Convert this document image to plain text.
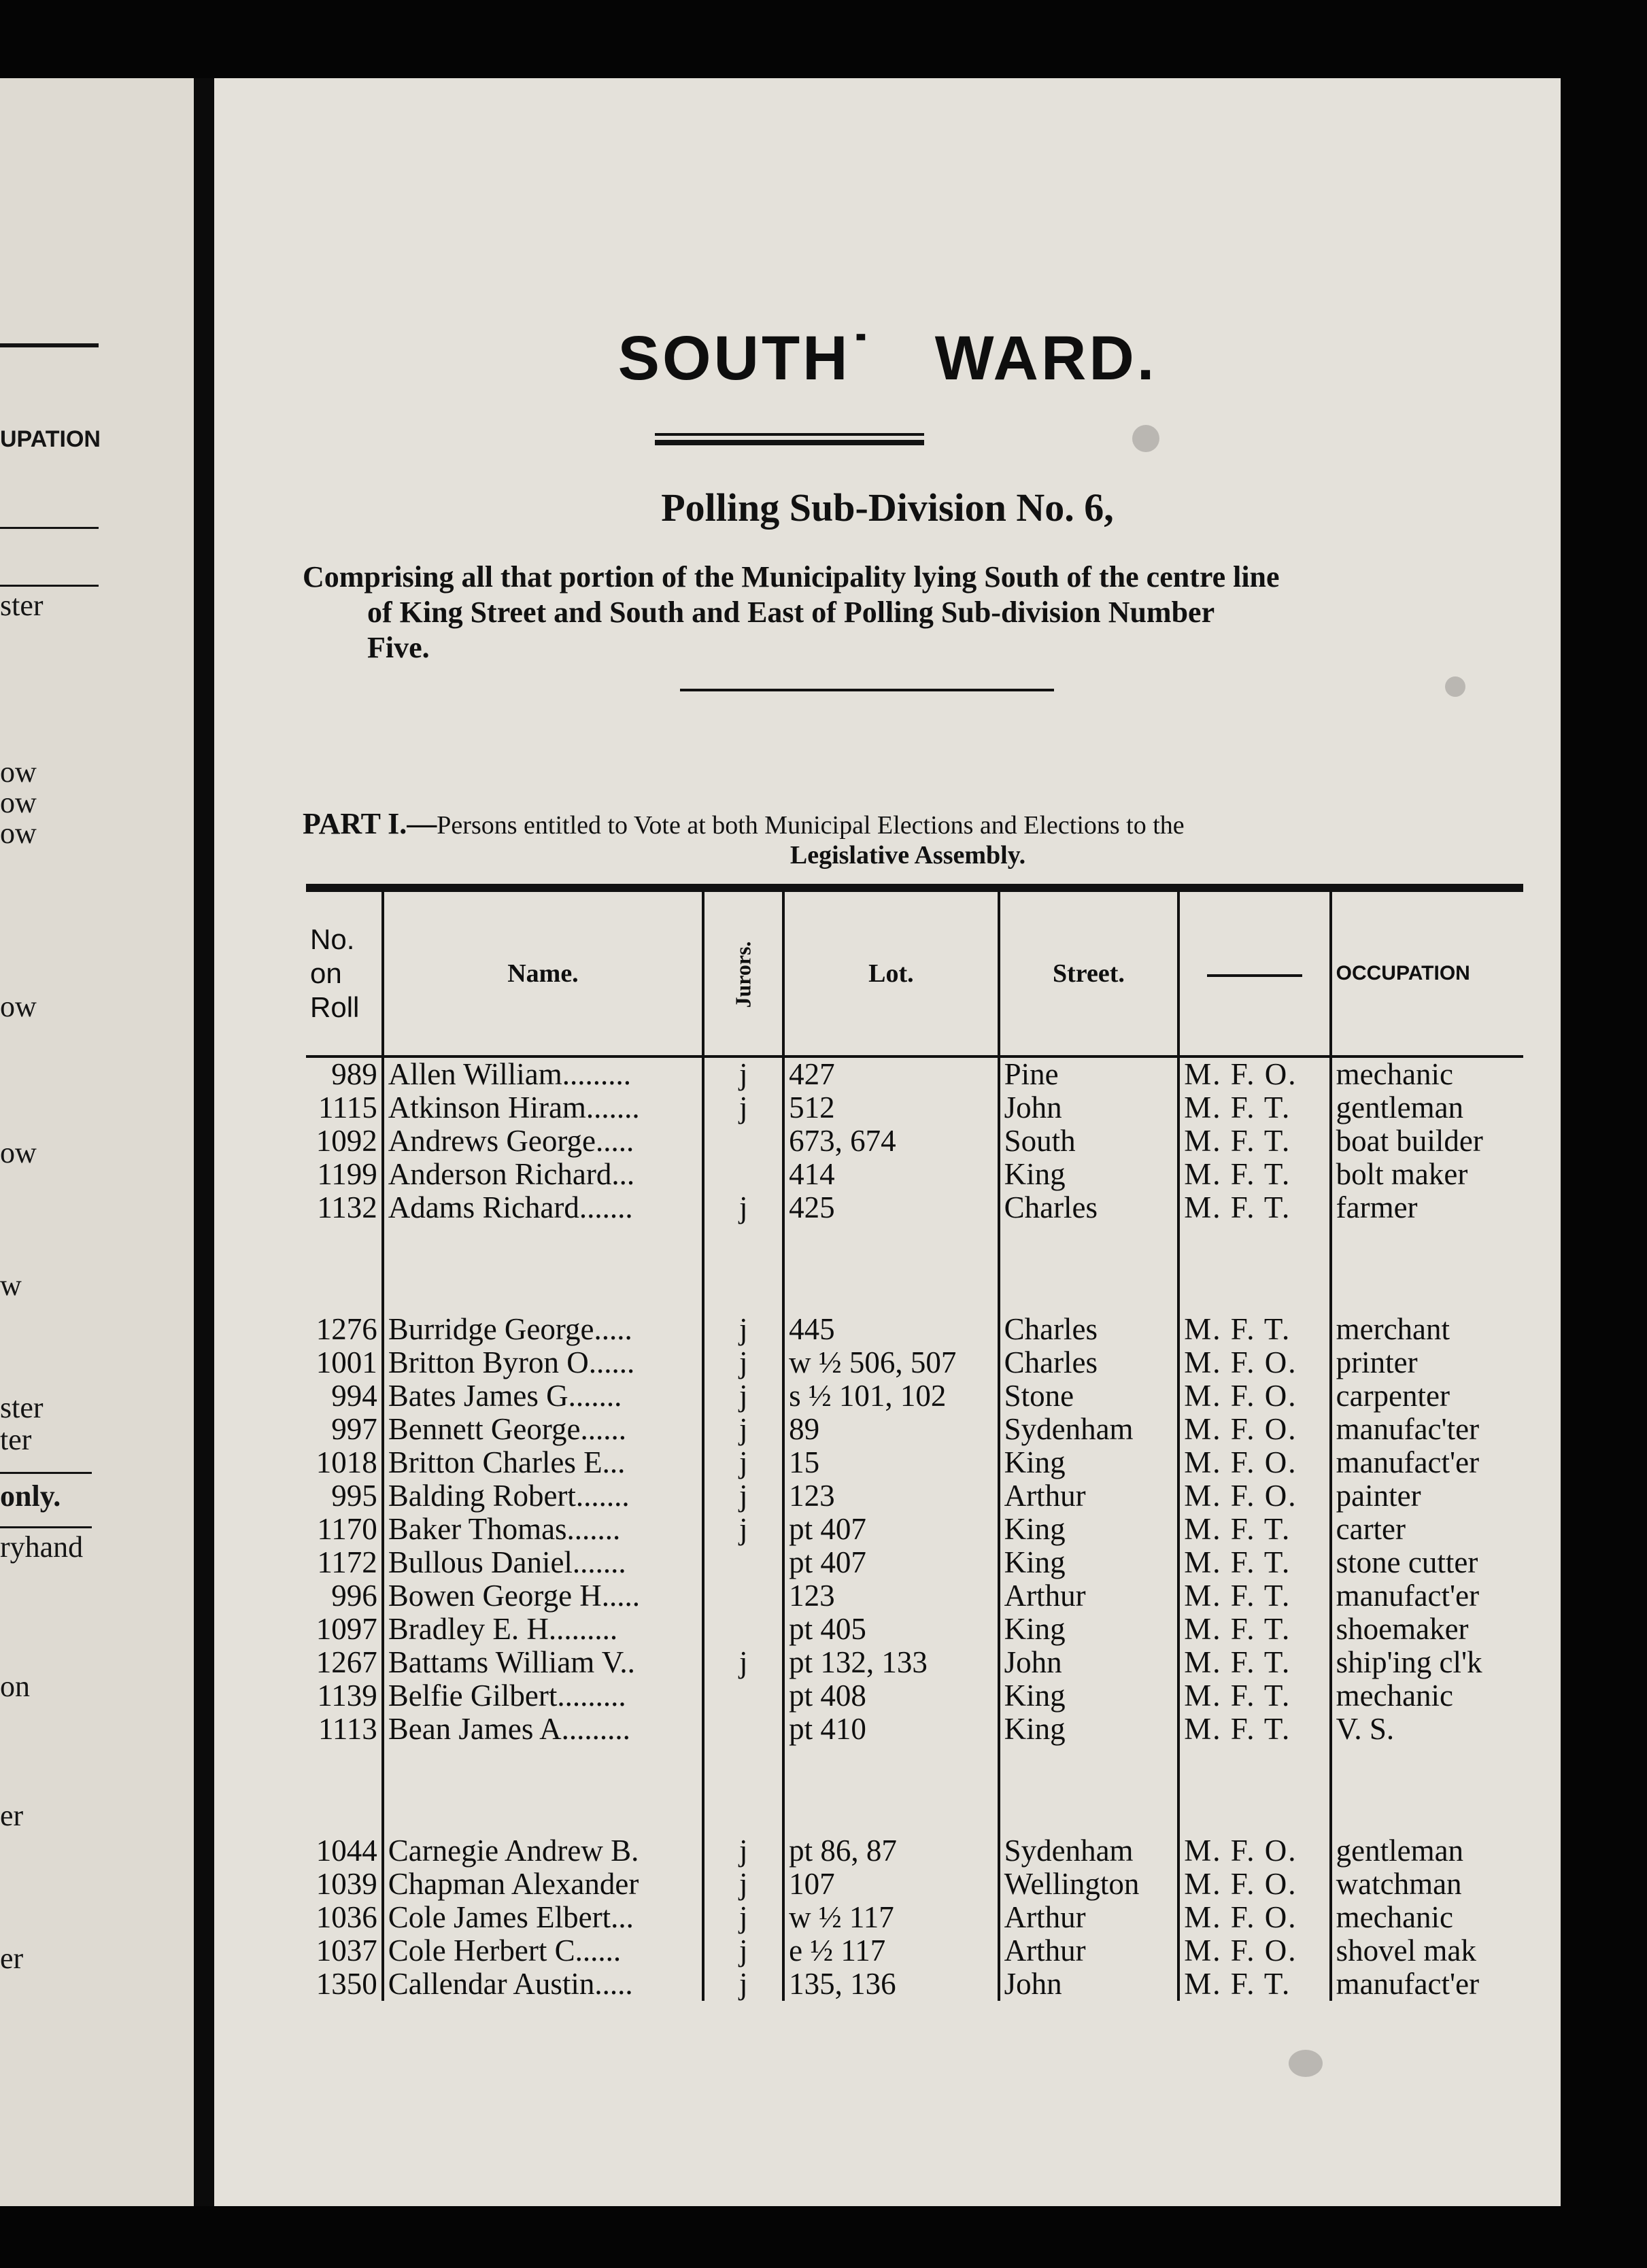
UPATION
ster
ow
ow
ow
ow
ow
w
ster
ter
only.
ryhand
on
er
er
SOUTH˙ WARD.
Polling Sub-Division No. 6,
Comprising all that portion of the Municipality lying South of the centre line
of King Street and South and East of Polling Sub-division Number
Five.
PART I.—Persons entitled to Vote at both Municipal Elections and Elections to the
Legislative Assembly.
No.
on
Roll	Name.	Jurors.	Lot.	Street.		OCCUPATION
989	Allen William.........	j	427	Pine	M. F. O.	mechanic
1115	Atkinson Hiram.......	j	512	John	M. F. T.	gentleman
1092	Andrews George.....		673, 674	South	M. F. T.	boat builder
1199	Anderson Richard...		414	King	M. F. T.	bolt maker
1132	Adams Richard.......	j	425	Charles	M. F. T.	farmer

1276	Burridge George.....	j	445	Charles	M. F. T.	merchant
1001	Britton Byron O......	j	w ½ 506, 507	Charles	M. F. O.	printer
994	Bates James G.......	j	s ½ 101, 102	Stone	M. F. O.	carpenter
997	Bennett George......	j	89	Sydenham	M. F. O.	manufac'ter
1018	Britton Charles E...	j	15	King	M. F. O.	manufact'er
995	Balding Robert.......	j	123	Arthur	M. F. O.	painter
1170	Baker Thomas.......	j	pt 407	King	M. F. T.	carter
1172	Bullous Daniel.......		pt 407	King	M. F. T.	stone cutter
996	Bowen George H.....		123	Arthur	M. F. T.	manufact'er
1097	Bradley E. H.........		pt 405	King	M. F. T.	shoemaker
1267	Battams William V..	j	pt 132, 133	John	M. F. T.	ship'ing cl'k
1139	Belfie Gilbert.........		pt 408	King	M. F. T.	mechanic
1113	Bean James A.........		pt 410	King	M. F. T.	V. S.

1044	Carnegie Andrew B.	j	pt 86, 87	Sydenham	M. F. O.	gentleman
1039	Chapman Alexander	j	107	Wellington	M. F. O.	watchman
1036	Cole James Elbert...	j	w ½ 117	Arthur	M. F. O.	mechanic
1037	Cole Herbert C......	j	e ½ 117	Arthur	M. F. O.	shovel mak
1350	Callendar Austin.....	j	135, 136	John	M. F. T.	manufact'er
